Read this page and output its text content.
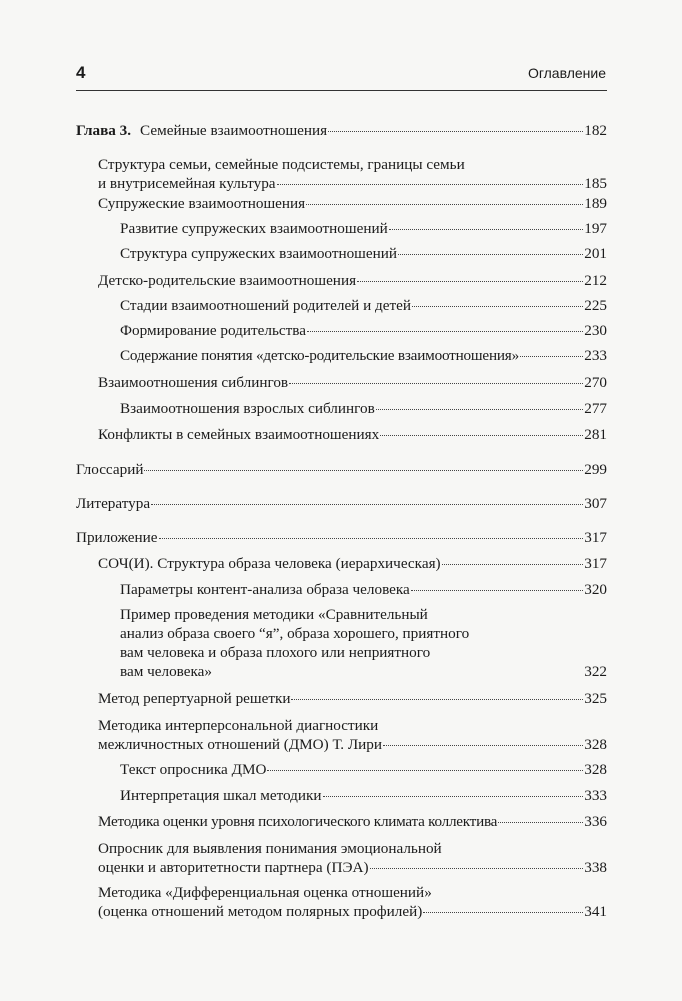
4	Оглавление
Глава 3. Семейные взаимоотношения	182
Структура семьи, семейные подсистемы, границы семьи
и внутрисемейная культура	185
Супружеские взаимоотношения	189
Развитие супружеских взаимоотношений	197
Структура супружеских взаимоотношений	201
Детско-родительские взаимоотношения	212
Стадии взаимоотношений родителей и детей	225
Формирование родительства	230
Содержание понятия «детско-родительские взаимоотношения»	233
Взаимоотношения сиблингов	270
Взаимоотношения взрослых сиблингов	277
Конфликты в семейных взаимоотношениях	281
Глоссарий	299
Литература	307
Приложение	317
СОЧ(И). Структура образа человека (иерархическая)	317
Параметры контент-анализа образа человека	320
Пример проведения методики «Сравнительный
анализ образа своего “я”, образа хорошего, приятного
вам человека и образа плохого или неприятного
вам человека»	322
Метод репертуарной решетки	325
Методика интерперсональной диагностики
межличностных отношений (ДМО) Т. Лири	328
Текст опросника ДМО	328
Интерпретация шкал методики	333
Методика оценки уровня психологического климата коллектива	336
Опросник для выявления понимания эмоциональной
оценки и авторитетности партнера (ПЭА)	338
Методика «Дифференциальная оценка отношений»
(оценка отношений методом полярных профилей)	341
